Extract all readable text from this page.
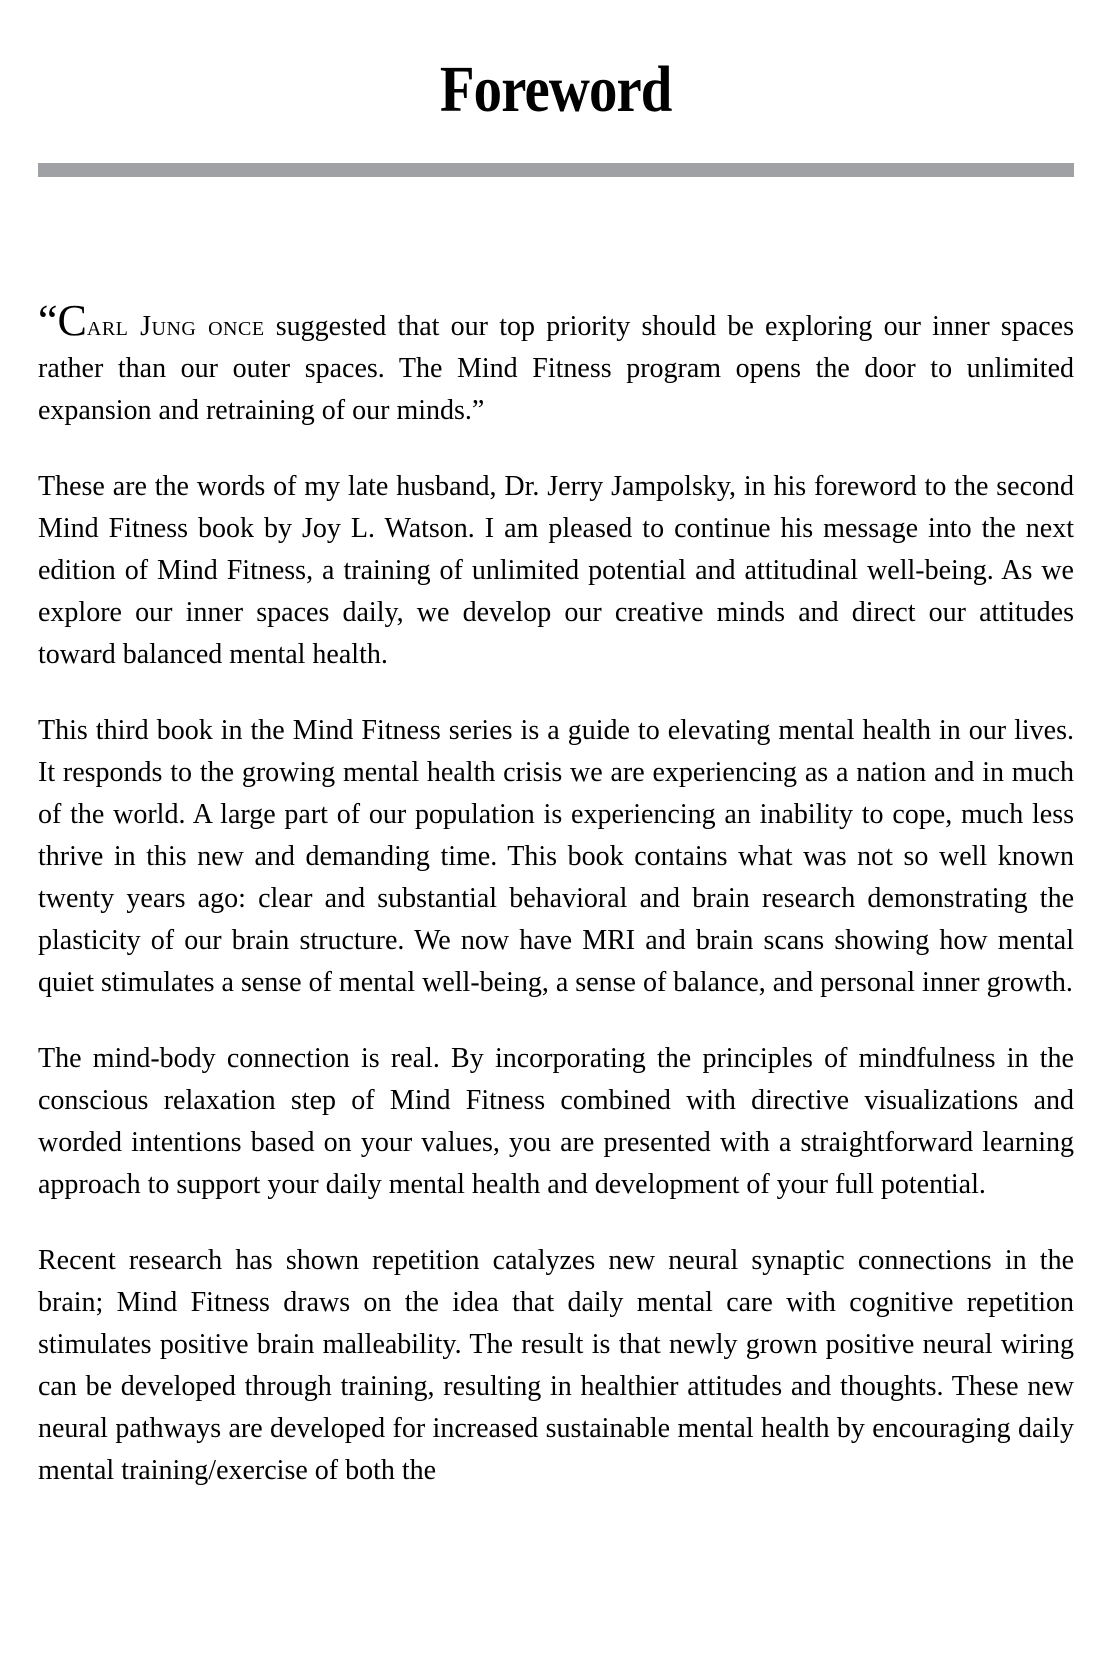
Foreword

“Carl Jung once suggested that our top priority should be exploring our inner spaces rather than our outer spaces. The Mind Fitness program opens the door to unlimited expansion and retraining of our minds.”

These are the words of my late husband, Dr. Jerry Jampolsky, in his foreword to the second Mind Fitness book by Joy L. Watson. I am pleased to continue his message into the next edition of Mind Fitness, a training of unlimited potential and attitudinal well-being. As we explore our inner spaces daily, we develop our creative minds and direct our attitudes toward balanced mental health.

This third book in the Mind Fitness series is a guide to elevating mental health in our lives. It responds to the growing mental health crisis we are experiencing as a nation and in much of the world. A large part of our population is experiencing an inability to cope, much less thrive in this new and demanding time. This book contains what was not so well known twenty years ago: clear and substantial behavioral and brain research demonstrating the plasticity of our brain structure. We now have MRI and brain scans showing how mental quiet stimulates a sense of mental well-being, a sense of balance, and personal inner growth.

The mind-body connection is real. By incorporating the principles of mindfulness in the conscious relaxation step of Mind Fitness combined with directive visualizations and worded intentions based on your values, you are presented with a straightforward learning approach to support your daily mental health and development of your full potential.

Recent research has shown repetition catalyzes new neural synaptic connections in the brain; Mind Fitness draws on the idea that daily mental care with cognitive repetition stimulates positive brain malleability. The result is that newly grown positive neural wiring can be developed through training, resulting in healthier attitudes and thoughts. These new neural pathways are developed for increased sustainable mental health by encouraging daily mental training/exercise of both the
